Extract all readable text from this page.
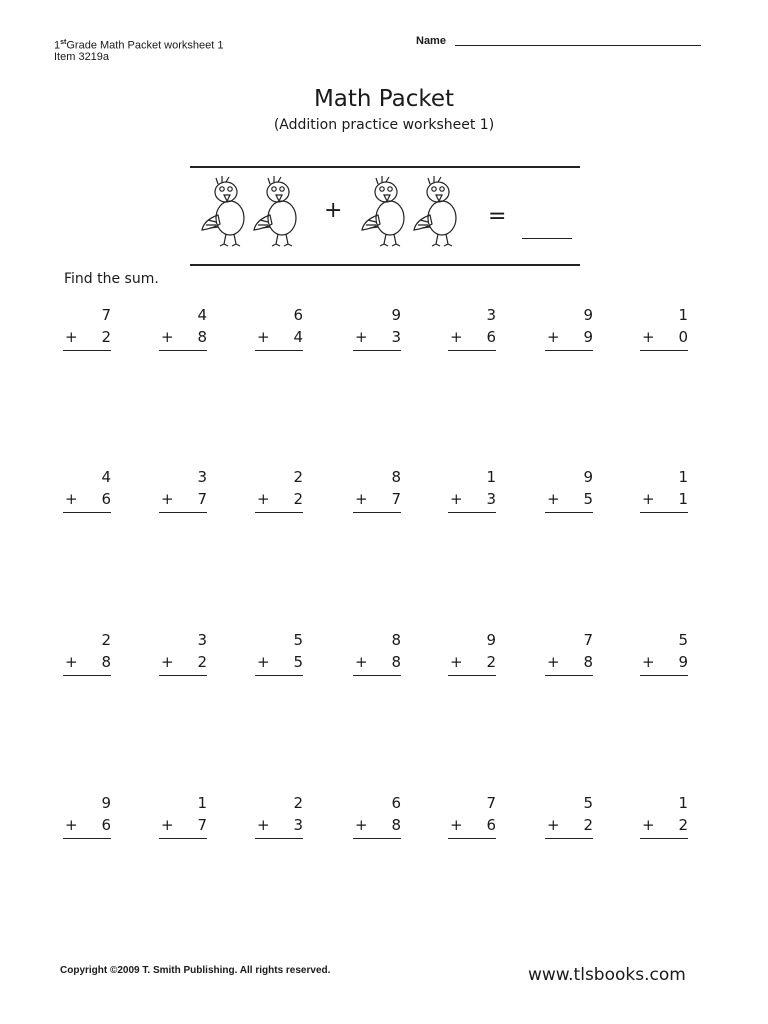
1stGrade Math Packet worksheet 1
Item 3219a
Name
Math Packet
(Addition practice worksheet 1)
+	=
Find the sum.
7
+ 2
4
+ 8
6
+ 4
9
+ 3
3
+ 6
9
+ 9
1
+ 0
4
+ 6
3
+ 7
2
+ 2
8
+ 7
1
+ 3
9
+ 5
1
+ 1
2
+ 8
3
+ 2
5
+ 5
8
+ 8
9
+ 2
7
+ 8
5
+ 9
9
+ 6
1
+ 7
2
+ 3
6
+ 8
7
+ 6
5
+ 2
1
+ 2
Copyright ©2009 T. Smith Publishing. All rights reserved.	www.tlsbooks.com
